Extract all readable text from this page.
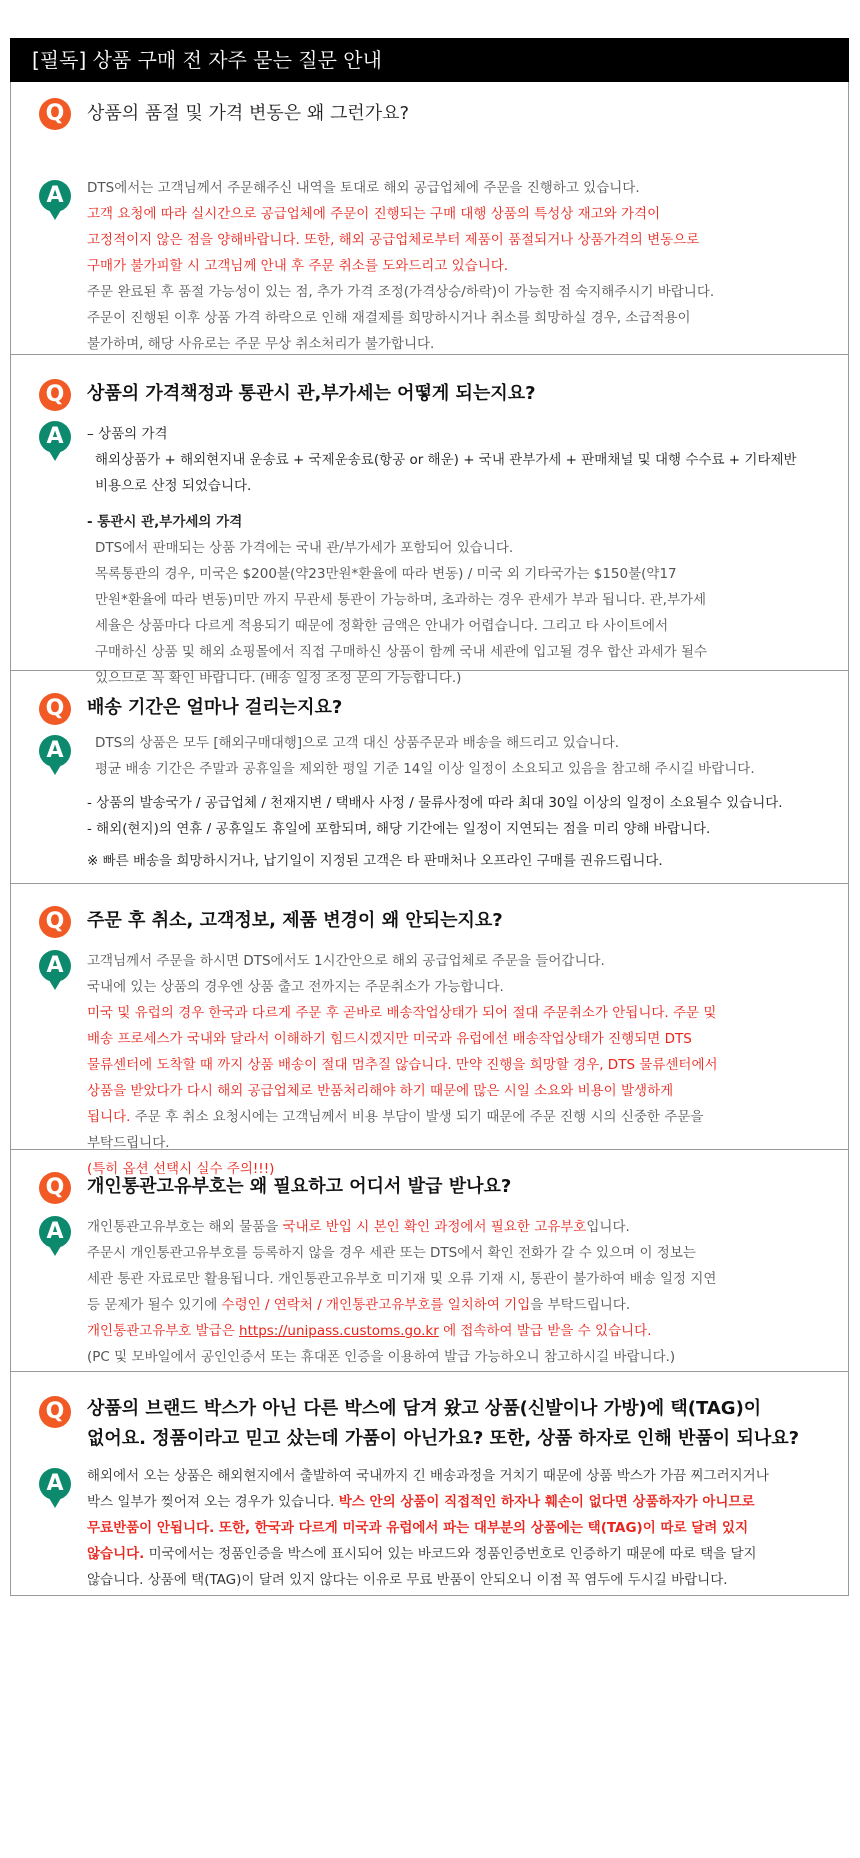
[필독] 상품 구매 전 자주 묻는 질문 안내
Q	상품의 품절 및 가격 변동은 왜 그런가요?
A	DTS에서는 고객님께서 주문해주신 내역을 토대로 해외 공급업체에 주문을 진행하고 있습니다.

고객 요청에 따라 실시간으로 공급업체에 주문이 진행되는 구매 대행 상품의 특성상 재고와 가격이

고정적이지 않은 점을 양해바랍니다. 또한, 해외 공급업체로부터 제품이 품절되거나 상품가격의 변동으로

구매가 불가피할 시 고객님께 안내 후 주문 취소를 도와드리고 있습니다.

주문 완료된 후 품절 가능성이 있는 점, 추가 가격 조정(가격상승/하락)이 가능한 점 숙지해주시기 바랍니다.

주문이 진행된 이후 상품 가격 하락으로 인해 재결제를 희망하시거나 취소를 희망하실 경우, 소급적용이

불가하며, 해당 사유로는 주문 무상 취소처리가 불가합니다.

Q	상품의 가격책정과 통관시 관,부가세는 어떻게 되는지요?
A	– 상품의 가격

해외상품가 + 해외현지내 운송료 + 국제운송료(항공 or 해운) + 국내 관부가세 + 판매채널 및 대행 수수료 + 기타제반

비용으로 산정 되었습니다.

- 통관시 관,부가세의 가격

DTS에서 판매되는 상품 가격에는 국내 관/부가세가 포함되어 있습니다.

목록통관의 경우, 미국은 $200불(약23만원*환율에 따라 변동) / 미국 외 기타국가는 $150불(약17

만원*환율에 따라 변동)미만 까지 무관세 통관이 가능하며, 초과하는 경우 관세가 부과 됩니다. 관,부가세

세율은 상품마다 다르게 적용되기 때문에 정확한 금액은 안내가 어렵습니다. 그리고 타 사이트에서

구매하신 상품 및 해외 쇼핑몰에서 직접 구매하신 상품이 함께 국내 세관에 입고될 경우 합산 과세가 될수

있으므로 꼭 확인 바랍니다. (배송 일정 조정 문의 가능합니다.)

Q	배송 기간은 얼마나 걸리는지요?
A	DTS의 상품은 모두 [해외구매대행]으로 고객 대신 상품주문과 배송을 해드리고 있습니다.

평균 배송 기간은 주말과 공휴일을 제외한 평일 기준 14일 이상 일정이 소요되고 있음을 참고해 주시길 바랍니다.

- 상품의 발송국가 / 공급업체 / 천재지변 / 택배사 사정 / 물류사정에 따라 최대 30일 이상의 일정이 소요될수 있습니다.

- 해외(현지)의 연휴 / 공휴일도 휴일에 포함되며, 해당 기간에는 일정이 지연되는 점을 미리 양해 바랍니다.

※ 빠른 배송을 희망하시거나, 납기일이 지정된 고객은 타 판매처나 오프라인 구매를 권유드립니다.

Q	주문 후 취소, 고객정보, 제품 변경이 왜 안되는지요?
A	고객님께서 주문을 하시면 DTS에서도 1시간안으로 해외 공급업체로 주문을 들어갑니다.

국내에 있는 상품의 경우엔 상품 출고 전까지는 주문취소가 가능합니다.

미국 및 유럽의 경우 한국과 다르게 주문 후 곧바로 배송작업상태가 되어 절대 주문취소가 안됩니다. 주문 및

배송 프로세스가 국내와 달라서 이해하기 힘드시겠지만 미국과 유럽에선 배송작업상태가 진행되면 DTS

물류센터에 도착할 때 까지 상품 배송이 절대 멈추질 않습니다. 만약 진행을 희망할 경우, DTS 물류센터에서

상품을 받았다가 다시 해외 공급업체로 반품처리해야 하기 때문에 많은 시일 소요와 비용이 발생하게

됩니다. 주문 후 취소 요청시에는 고객님께서 비용 부담이 발생 되기 때문에 주문 진행 시의 신중한 주문을

부탁드립니다.

(특히 옵션 선택시 실수 주의!!!)

Q	개인통관고유부호는 왜 필요하고 어디서 발급 받나요?
A	개인통관고유부호는 해외 물품을 국내로 반입 시 본인 확인 과정에서 필요한 고유부호입니다.

주문시 개인통관고유부호를 등록하지 않을 경우 세관 또는 DTS에서 확인 전화가 갈 수 있으며 이 정보는

세관 통관 자료로만 활용됩니다. 개인통관고유부호 미기재 및 오류 기재 시, 통관이 불가하여 배송 일정 지연

등 문제가 될수 있기에 수령인 / 연락처 / 개인통관고유부호를 일치하여 기입을 부탁드립니다.

개인통관고유부호 발급은 https://unipass.customs.go.kr 에 접속하여 발급 받을 수 있습니다.

(PC 및 모바일에서 공인인증서 또는 휴대폰 인증을 이용하여 발급 가능하오니 참고하시길 바랍니다.)

Q	상품의 브랜드 박스가 아닌 다른 박스에 담겨 왔고 상품(신발이나 가방)에 택(TAG)이
없어요. 정품이라고 믿고 샀는데 가품이 아닌가요? 또한, 상품 하자로 인해 반품이 되나요?
A	해외에서 오는 상품은 해외현지에서 출발하여 국내까지 긴 배송과정을 거치기 때문에 상품 박스가 가끔 찌그러지거나

박스 일부가 찢어져 오는 경우가 있습니다. 박스 안의 상품이 직접적인 하자나 훼손이 없다면 상품하자가 아니므로

무료반품이 안됩니다. 또한, 한국과 다르게 미국과 유럽에서 파는 대부분의 상품에는 택(TAG)이 따로 달려 있지

않습니다. 미국에서는 정품인증을 박스에 표시되어 있는 바코드와 정품인증번호로 인증하기 때문에 따로 택을 달지

않습니다. 상품에 택(TAG)이 달려 있지 않다는 이유로 무료 반품이 안되오니 이점 꼭 염두에 두시길 바랍니다.
